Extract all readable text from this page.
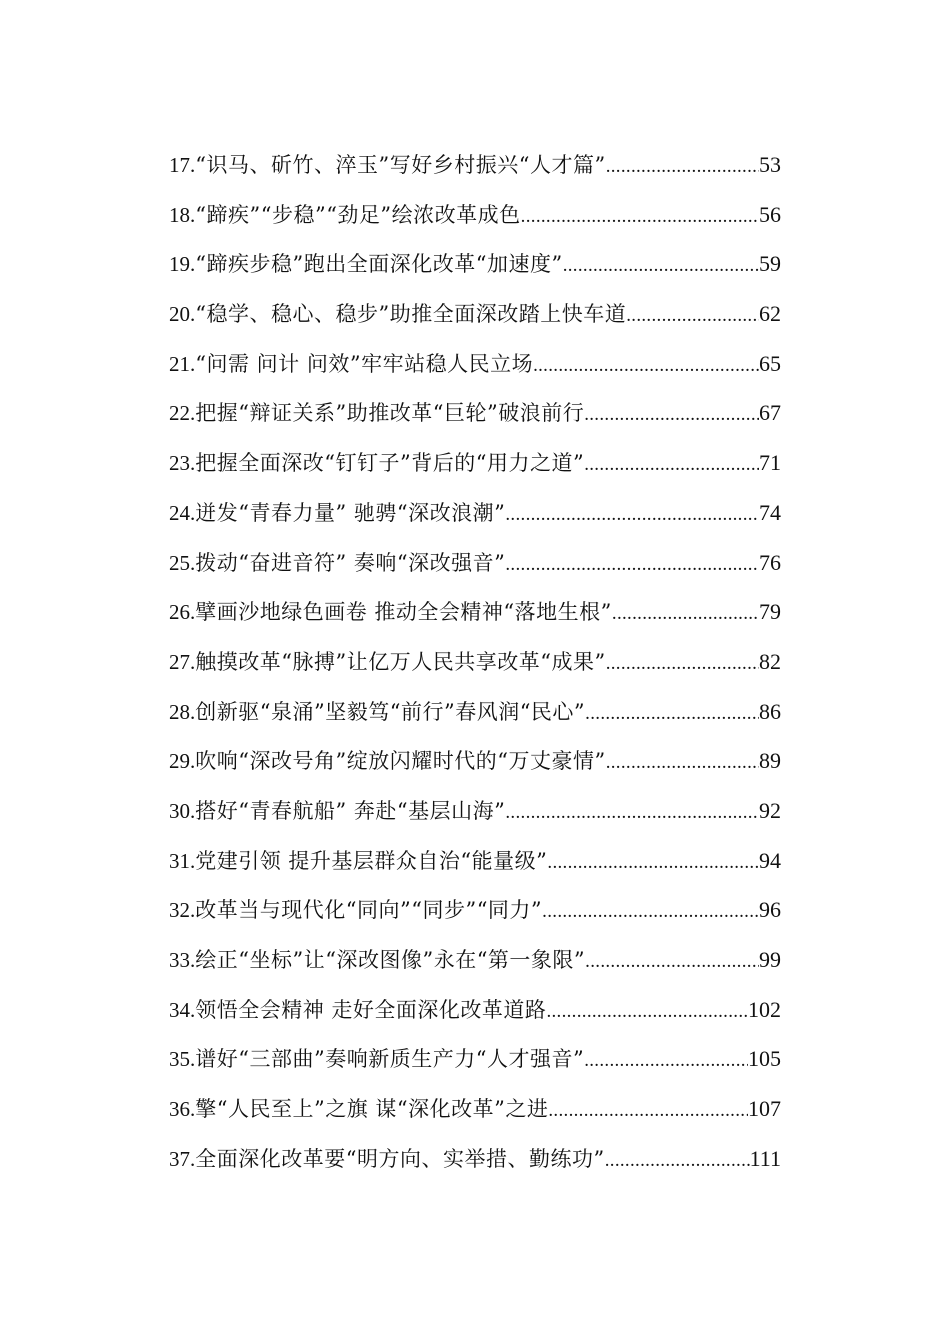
17. “识马、斫竹、淬玉”写好乡村振兴“人才篇” .....	53
18. “蹄疾”“步稳”“劲足”绘浓改革成色 .....	56
19. “蹄疾步稳”跑出全面深化改革“加速度” .....	59
20. “稳学、稳心、稳步”助推全面深改踏上快车道 .....	62
21. “问需 问计 问效”牢牢站稳人民立场 .....	65
22. 把握“辩证关系”助推改革“巨轮”破浪前行 .....	67
23. 把握全面深改“钉钉子”背后的“用力之道” .....	71
24. 迸发“青春力量” 驰骋“深改浪潮” .....	74
25. 拨动“奋进音符” 奏响“深改强音” .....	76
26. 擘画沙地绿色画卷 推动全会精神“落地生根” .....	79
27. 触摸改革“脉搏”让亿万人民共享改革“成果” .....	82
28. 创新驱“泉涌”坚毅笃“前行”春风润“民心” .....	86
29. 吹响“深改号角”绽放闪耀时代的“万丈豪情” .....	89
30. 搭好“青春航船” 奔赴“基层山海” .....	92
31. 党建引领 提升基层群众自治“能量级” .....	94
32. 改革当与现代化“同向”“同步”“同力” .....	96
33. 绘正“坐标”让“深改图像”永在“第一象限” .....	99
34. 领悟全会精神 走好全面深化改革道路 .....	102
35. 谱好“三部曲”奏响新质生产力“人才强音” .....	105
36. 擎“人民至上”之旗 谋“深化改革”之进 .....	107
37. 全面深化改革要“明方向、实举措、勤练功” .....	111
